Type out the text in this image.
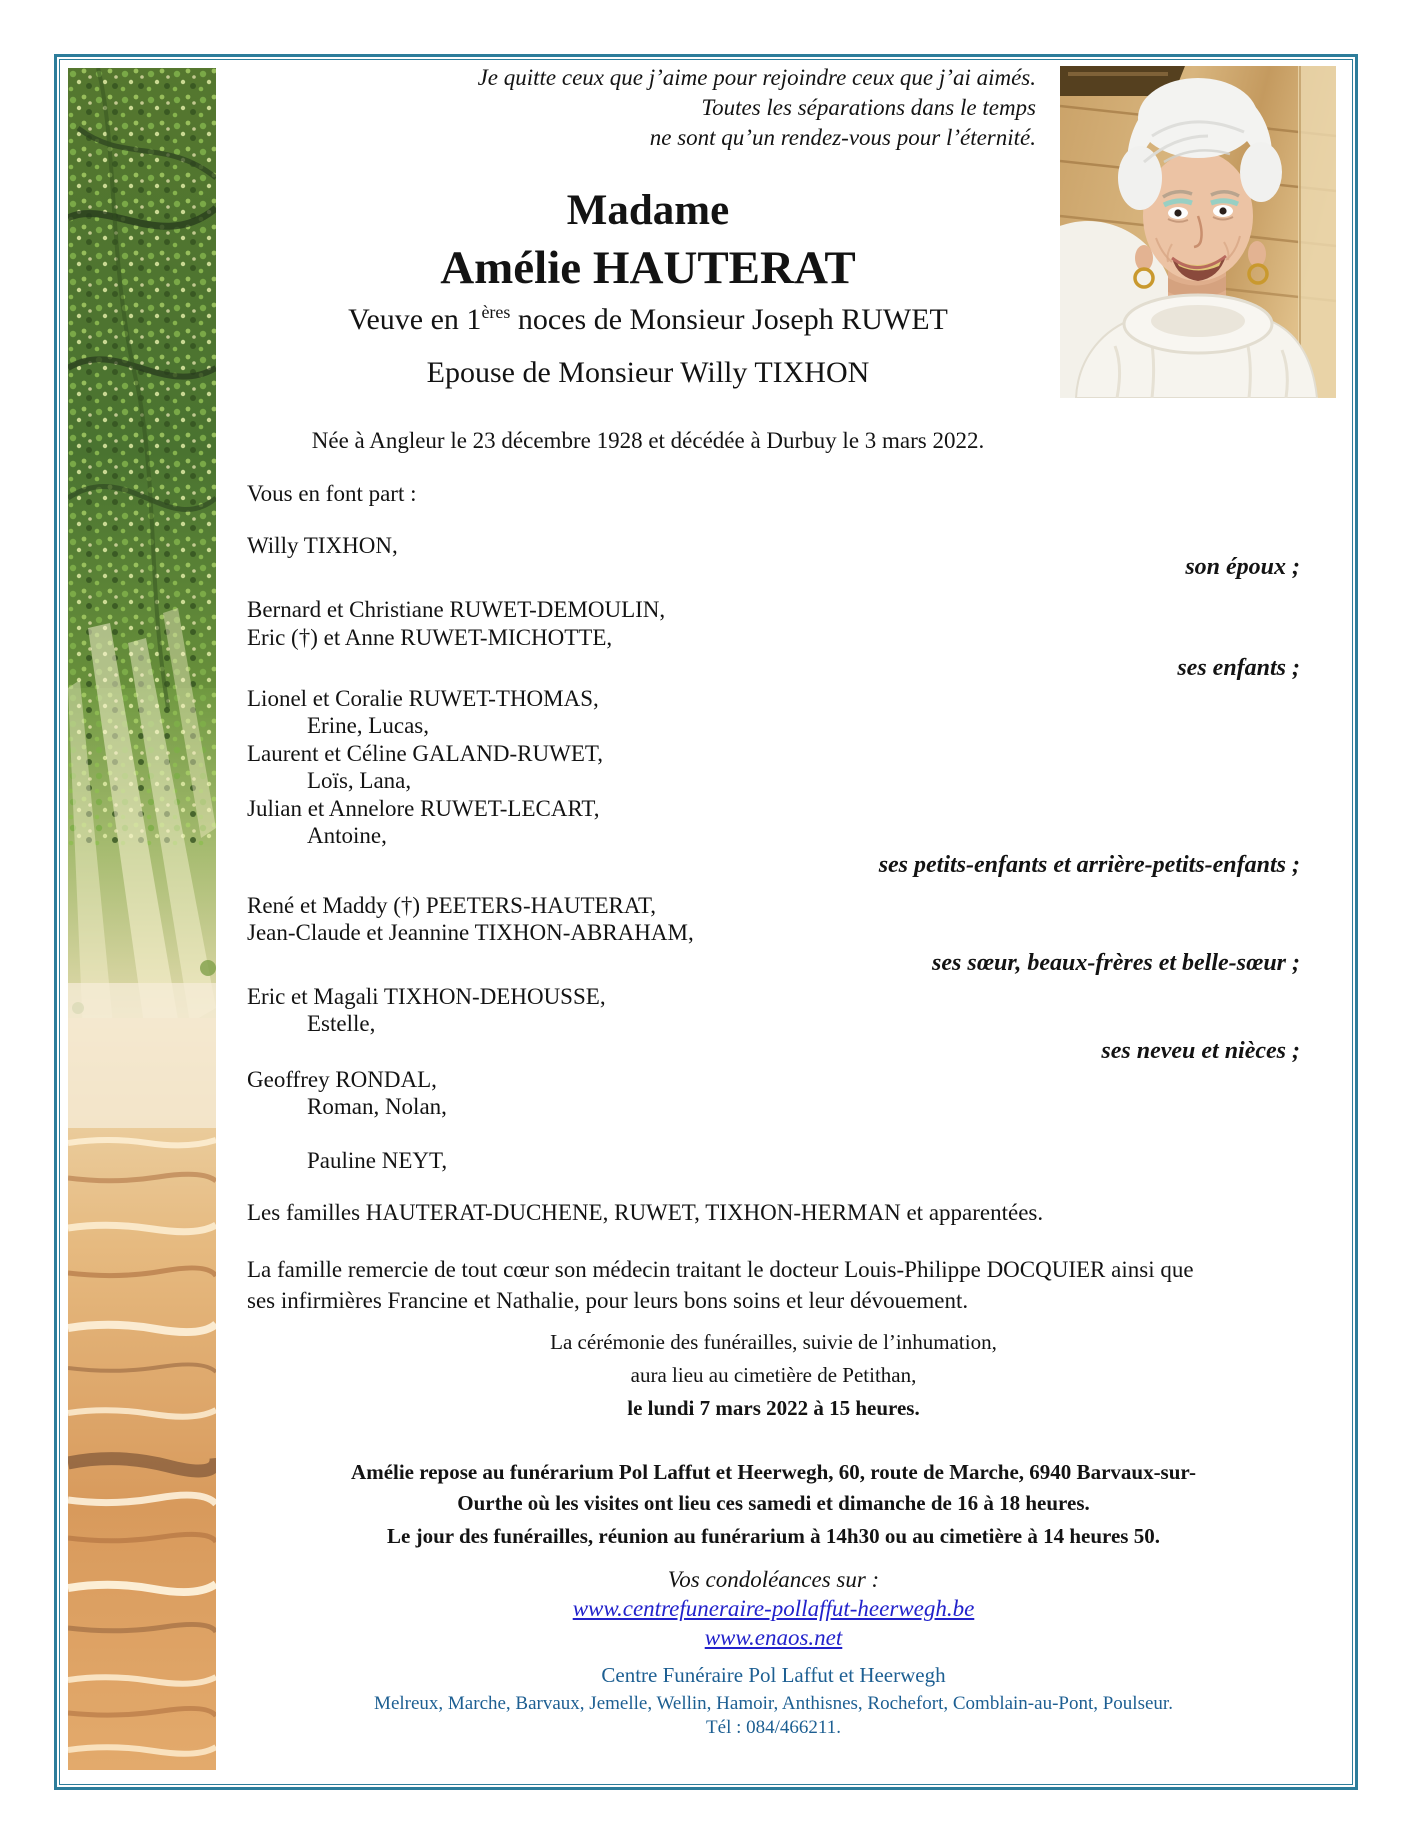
Je quitte ceux que j’aime pour rejoindre ceux que j’ai aimés.
Toutes les séparations dans le temps
ne sont qu’un rendez-vous pour l’éternité.
Madame
Amélie HAUTERAT
Veuve en 1ères noces de Monsieur Joseph RUWET
Epouse de Monsieur Willy TIXHON
Née à Angleur le 23 décembre 1928 et décédée à Durbuy le 3 mars 2022.
Vous en font part :
Willy TIXHON,
son époux ;
Bernard et Christiane RUWET-DEMOULIN,
Eric (†) et Anne RUWET-MICHOTTE,
ses enfants ;
Lionel et Coralie RUWET-THOMAS,
Erine, Lucas,
Laurent et Céline GALAND-RUWET,
Loïs, Lana,
Julian et Annelore RUWET-LECART,
Antoine,
ses petits-enfants et arrière-petits-enfants ;
René et Maddy (†) PEETERS-HAUTERAT,
Jean-Claude et Jeannine TIXHON-ABRAHAM,
ses sœur, beaux-frères et belle-sœur ;
Eric et Magali TIXHON-DEHOUSSE,
Estelle,
ses neveu et nièces ;
Geoffrey RONDAL,
Roman, Nolan,
Pauline NEYT,
Les familles HAUTERAT-DUCHENE, RUWET, TIXHON-HERMAN et apparentées.
La famille remercie de tout cœur son médecin traitant le docteur Louis-Philippe DOCQUIER ainsi que
ses infirmières Francine et Nathalie, pour leurs bons soins et leur dévouement.
La cérémonie des funérailles, suivie de l’inhumation,
aura lieu au cimetière de Petithan,
le lundi 7 mars 2022 à 15 heures.
Amélie repose au funérarium Pol Laffut et Heerwegh, 60, route de Marche, 6940 Barvaux-sur-
Ourthe où les visites ont lieu ces samedi et dimanche de 16 à 18 heures.
Le jour des funérailles, réunion au funérarium à 14h30 ou au cimetière à 14 heures 50.
Vos condoléances sur :
www.centrefuneraire-pollaffut-heerwegh.be
www.enaos.net
Centre Funéraire Pol Laffut et Heerwegh
Melreux, Marche, Barvaux, Jemelle, Wellin, Hamoir, Anthisnes, Rochefort, Comblain-au-Pont, Poulseur.
Tél : 084/466211.
